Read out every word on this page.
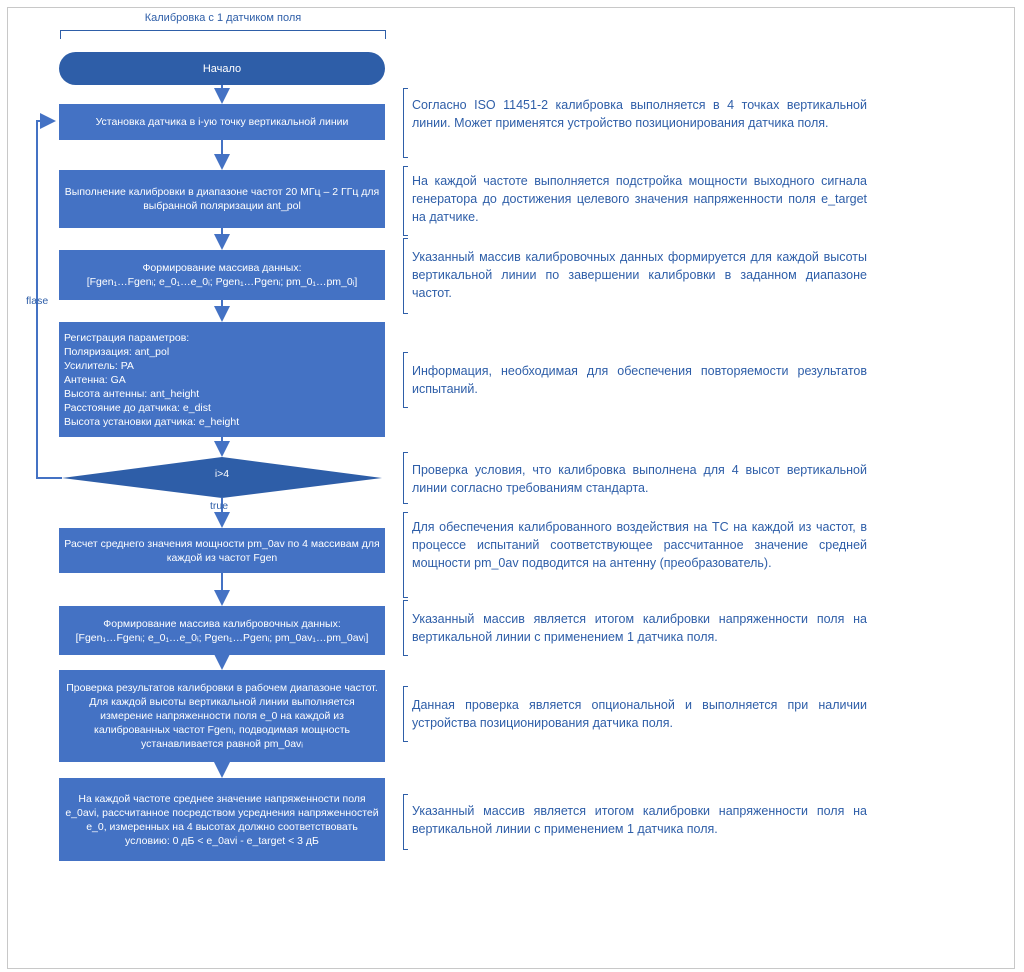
Калибровка с 1 датчиком поля
Начало
Установка датчика в i-ую точку вертикальной линии
Выполнение калибровки в диапазоне частот 20 МГц – 2 ГГц для выбранной поляризации ant_pol
Формирование массива данных:
[Fgen₁…Fgenᵢ; e_0₁…e_0ᵢ; Pgen₁…Pgenᵢ; pm_0₁…pm_0ᵢ]
Регистрация параметров:
Поляризация: ant_pol
Усилитель: PA
Антенна: GA
Высота антенны: ant_height
Расстояние до датчика: e_dist
Высота установки датчика: e_height
i>4
flase
true
Расчет среднего значения мощности pm_0av по 4 массивам для каждой из частот Fgen
Формирование массива калибровочных данных:
[Fgen₁…Fgenᵢ; e_0₁…e_0ᵢ; Pgen₁…Pgenᵢ; pm_0av₁…pm_0avᵢ]
Проверка результатов калибровки в рабочем диапазоне частот. Для каждой высоты вертикальной линии выполняется измерение напряженности поля e_0 на каждой из калиброванных частот Fgenᵢ, подводимая мощность устанавливается равной pm_0avᵢ
На каждой частоте среднее значение напряженности поля e_0avi, рассчитанное посредством усреднения напряженностей e_0, измеренных на 4 высотах должно соответствовать условию: 0 дБ < e_0avi - e_target < 3 дБ
Согласно ISO 11451-2 калибровка выполняется в 4 точках вертикальной линии. Может применятся устройство позиционирования датчика поля.
На каждой частоте выполняется подстройка мощности выходного сигнала генератора до достижения целевого значения напряженности поля e_target на датчике.
Указанный массив калибровочных данных формируется для каждой высоты вертикальной линии по завершении калибровки в заданном диапазоне частот.
Информация, необходимая для обеспечения повторяемости результатов испытаний.
Проверка условия, что калибровка выполнена для 4 высот вертикальной линии согласно требованиям стандарта.
Для обеспечения калиброванного воздействия на ТС на каждой из частот, в процессе испытаний соответствующее рассчитанное значение средней мощности pm_0av подводится на антенну (преобразователь).
Указанный массив является итогом калибровки напряженности поля на вертикальной линии с применением 1 датчика поля.
Данная проверка является опциональной и выполняется при наличии устройства позиционирования датчика поля.
Указанный массив является итогом калибровки напряженности поля на вертикальной линии с применением 1 датчика поля.
